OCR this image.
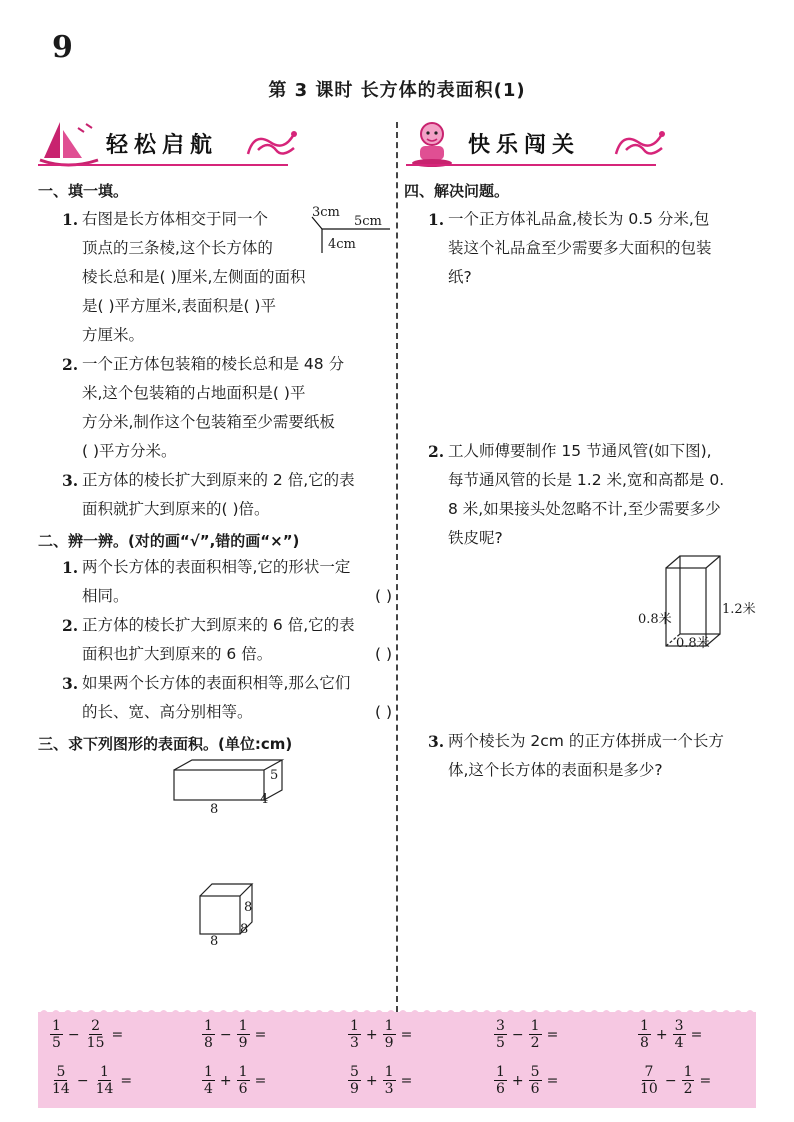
9
第 3 课时 长方体的表面积(1)
轻松启航	快乐闯关
一、填一填。
1. 右图是长方体相交于同一个
顶点的三条棱,这个长方体的
棱长总和是( )厘米,左侧面的面积
是( )平方厘米,表面积是( )平
方厘米。
3cm
5cm
4cm
2. 一个正方体包装箱的棱长总和是 48 分
米,这个包装箱的占地面积是( )平
方分米,制作这个包装箱至少需要纸板
( )平方分米。
3. 正方体的棱长扩大到原来的 2 倍,它的表
面积就扩大到原来的( )倍。
二、辨一辨。(对的画“√”,错的画“×”)
1. 两个长方体的表面积相等,它的形状一定
相同。	( )
2. 正方体的棱长扩大到原来的 6 倍,它的表
面积也扩大到原来的 6 倍。	( )
3. 如果两个长方体的表面积相等,那么它们
的长、宽、高分别相等。	( )
三、求下列图形的表面积。(单位:cm)
5
4
8
8
8
8
四、解决问题。
1. 一个正方体礼品盒,棱长为 0.5 分米,包
装这个礼品盒至少需要多大面积的包装
纸?
2. 工人师傅要制作 15 节通风管(如下图),
每节通风管的长是 1.2 米,宽和高都是 0.
8 米,如果接头处忽略不计,至少需要多少
铁皮呢?
1.2米
0.8米
0.8米
3. 两个棱长为 2cm 的正方体拼成一个长方
体,这个长方体的表面积是多少?
$\frac{1}{5} - \frac{2}{15}$ =	$\frac{1}{8} - \frac{1}{9}$ =	$\frac{1}{3} + \frac{1}{9}$ =	$\frac{3}{5} - \frac{1}{2}$ =	$\frac{1}{8} + \frac{3}{4}$ =
$\frac{5}{14} - \frac{1}{14}$ =	$\frac{1}{4} + \frac{1}{6}$ =	$\frac{5}{9} + \frac{1}{3}$ =	$\frac{1}{6} + \frac{5}{6}$ =	$\frac{7}{10} - \frac{1}{2}$ =
